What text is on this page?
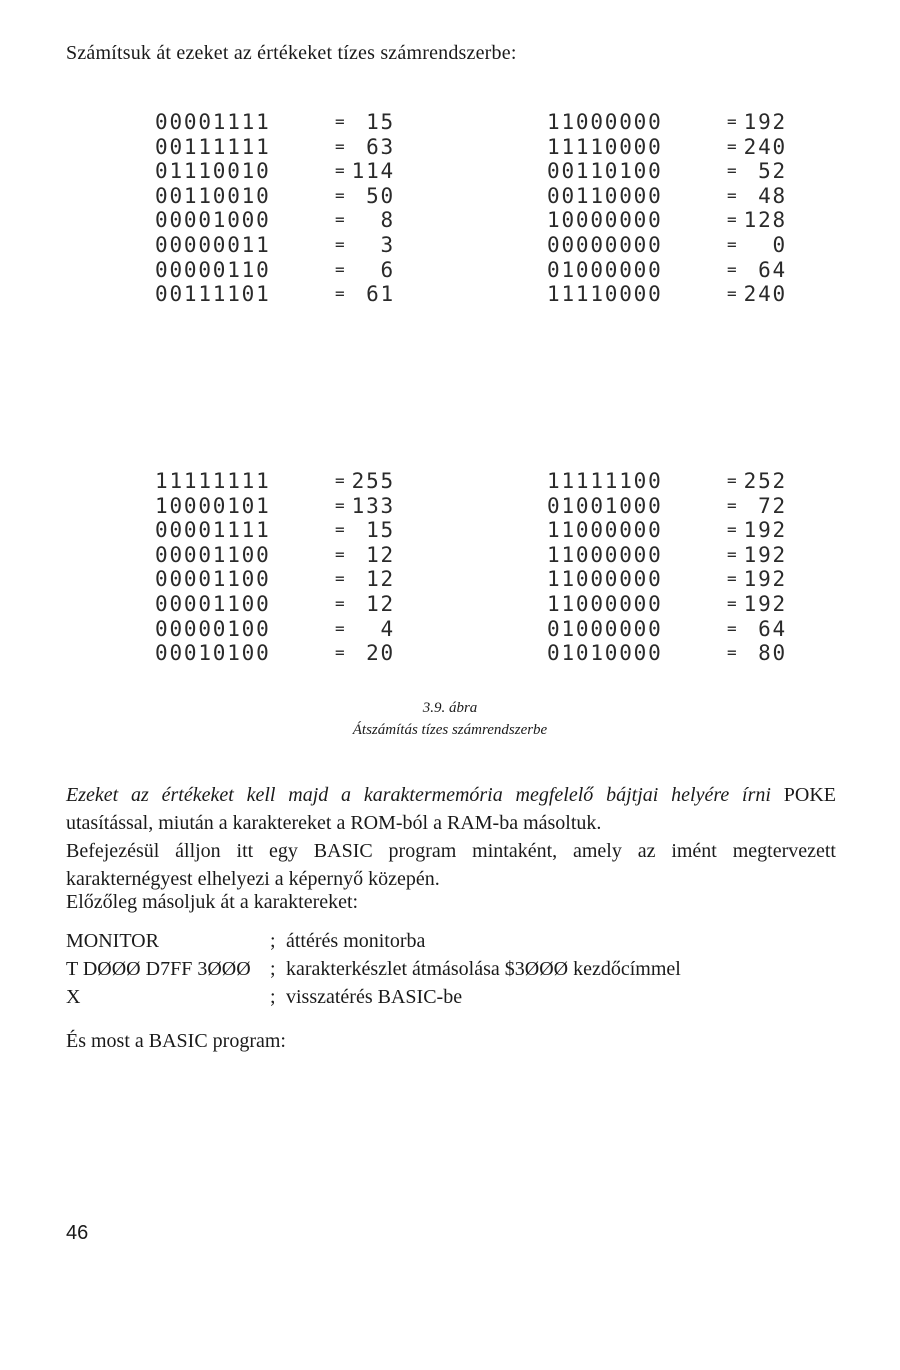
Számítsuk át ezeket az értékeket tízes számrendszerbe:
00001111	= 15
00111111	= 63
01110010	= 114
00110010	= 50
00001000	=	8
00000011	=	3
00000110	=	6
00111101	= 61
11000000	= 192
11110000	= 240
00110100	= 52
00110000	= 48
10000000	= 128
00000000	=	0
01000000	= 64
11110000	= 240
11111111	= 255
10000101	= 133
00001111	= 15
00001100	= 12
00001100	= 12
00001100	= 12
00000100	=	4
00010100	= 20
11111100	= 252
01001000	= 72
11000000	= 192
11000000	= 192
11000000	= 192
11000000	= 192
01000000	= 64
01010000	= 80
3.9. ábra
Átszámítás tízes számrendszerbe

Ezeket az értékeket kell majd a karaktermemória megfelelő bájtjai helyére írni POKE utasítással, miután a karaktereket a ROM-ból a RAM-ba másoltuk.

Befejezésül álljon itt egy BASIC program mintaként, amely az imént megtervezett karakternégyest elhelyezi a képernyő közepén.

Előzőleg másoljuk át a karaktereket:

MONITOR	;	áttérés monitorba
T DØØØ D7FF 3ØØØ	;	karakterkészlet átmásolása $3ØØØ kezdőcímmel
X	;	visszatérés BASIC-be

És most a BASIC program:

46
